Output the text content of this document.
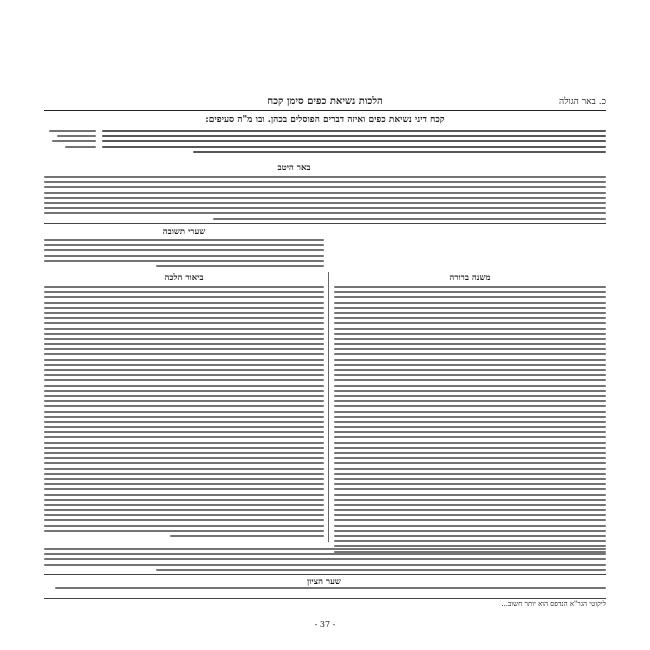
הלכות נשיאת כפים סימן קכח	כ. באר הגולה
קכח דיני נשיאת כפים ואיזה דברים הפוסלים בכהן. ובו מ"ה סעיפים:
באר היטב
שערי תשובה
משנה ברורה
ביאור הלכה
שער הציון
ליקוטי הגר"א הנדפס הוא יותר חשוב...
- 37 -
